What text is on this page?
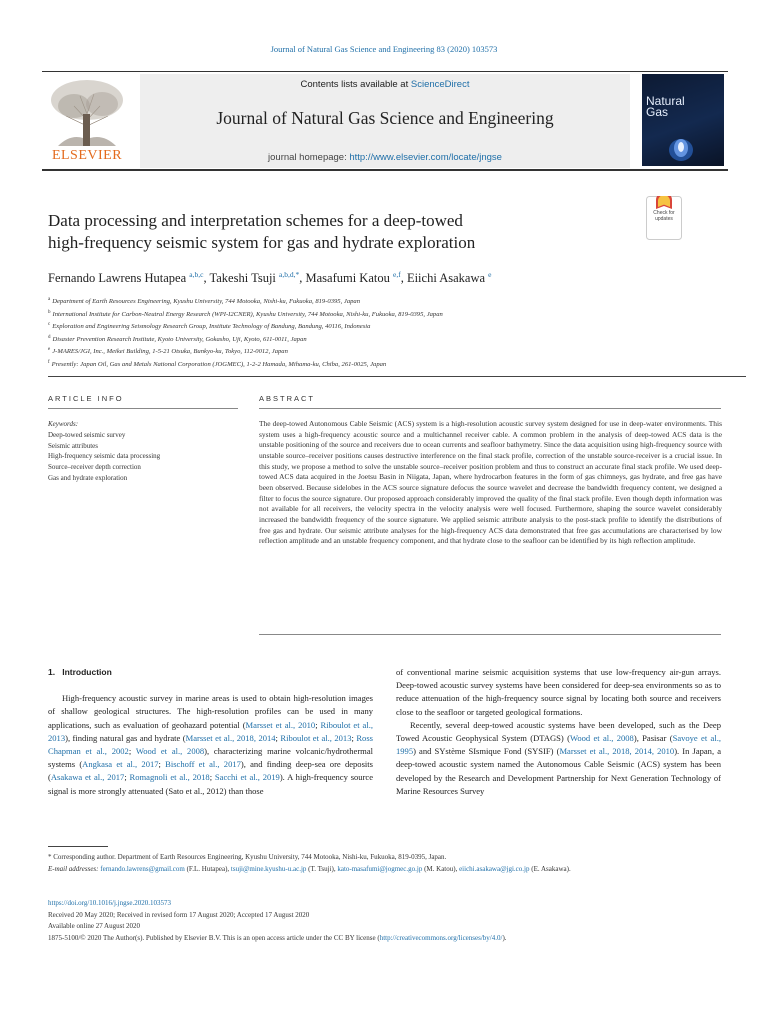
Journal of Natural Gas Science and Engineering 83 (2020) 103573
ELSEVIER
Contents lists available at ScienceDirect
Journal of Natural Gas Science and Engineering
journal homepage: http://www.elsevier.com/locate/jngse
Natural
Gas
Data processing and interpretation schemes for a deep-towed
high-frequency seismic system for gas and hydrate exploration
Check for updates
Fernando Lawrens Hutapea $^{a,b,c}$, Takeshi Tsuji $^{a,b,d,*}$, Masafumi Katou $^{e,f}$, Eiichi Asakawa $^e$
$^a$ Department of Earth Resources Engineering, Kyushu University, 744 Motooka, Nishi-ku, Fukuoka, 819-0395, Japan
$^b$ International Institute for Carbon-Neutral Energy Research (WPI-I2CNER), Kyushu University, 744 Motooka, Nishi-ku, Fukuoka, 819-0395, Japan
$^c$ Exploration and Engineering Seismology Research Group, Institute Technology of Bandung, Bandung, 40116, Indonesia
$^d$ Disaster Prevention Research Institute, Kyoto University, Gokasho, Uji, Kyoto, 611-0011, Japan
$^e$ J-MARES/JGI, Inc., Meikei Building, 1-5-21 Otsuka, Bunkyo-ku, Tokyo, 112-0012, Japan
$^f$ Presently: Japan Oil, Gas and Metals National Corporation (JOGMEC), 1-2-2 Hamada, Mihama-ku, Chiba, 261-0025, Japan
ARTICLE INFO	ABSTRACT
Keywords:
Deep-towed seismic survey
Seismic attributes
High-frequency seismic data processing
Source–receiver depth correction
Gas and hydrate exploration
The deep-towed Autonomous Cable Seismic (ACS) system is a high-resolution acoustic survey system designed for use in deep-water environments. This system uses a high-frequency acoustic source and a multichannel receiver cable. A common problem in the analysis of deep-towed ACS data is the unstable positioning of the source and receivers due to ocean currents and seafloor bathymetry. Since the data acquisition using high-frequency source with unstable source–receiver positions causes destructive interference on the final stack profile, correction of the unstable source-receiver is a crucial issue. In this study, we propose a method to solve the unstable source–receiver position problem and thus to construct an accurate final stack profile. We used deep-towed ACS data acquired in the Joetsu Basin in Niigata, Japan, where hydrocarbon features in the form of gas chimneys, gas hydrate, and free gas have been observed. Because sidelobes in the ACS source signature defocus the source wavelet and decrease the bandwidth frequency content, we designed a filter to focus the source signature. Our proposed approach considerably improved the quality of the final stack profile. Even though depth information was not available for all receivers, the velocity spectra in the velocity analysis were well focused. Furthermore, shaping the source wavelet considerably increased the bandwidth frequency of the source signature. We applied seismic attribute analysis to the post-stack profile to identify the distributions of free gas and hydrate. Our seismic attribute analyses for the high-frequency ACS data demonstrated that free gas accumulations are characterised by low reflection amplitude and an unstable frequency component, and that hydrate close to the seafloor can be identified by its high reflection amplitude.
1. Introduction

High-frequency acoustic survey in marine areas is used to obtain high-resolution images of shallow geological structures. The high-resolution profiles can be used in many applications, such as evaluation of geohazard potential (Marsset et al., 2010; Riboulot et al., 2013), finding natural gas and hydrate (Marsset et al., 2018, 2014; Riboulot et al., 2013; Ross Chapman et al., 2002; Wood et al., 2008), characterizing marine volcanic/hydrothermal systems (Angkasa et al., 2017; Bischoff et al., 2017), and finding deep-sea ore deposits (Asakawa et al., 2017; Romagnoli et al., 2018; Sacchi et al., 2019). A high-frequency source signal is more strongly attenuated (Sato et al., 2012) than those

of conventional marine seismic acquisition systems that use low-frequency air-gun arrays. Deep-towed acoustic survey systems have been considered for deep-sea environments so as to reduce attenuation of the high-frequency source signal by locating both source and receivers close to the seafloor or targeted geological formations.

Recently, several deep-towed acoustic systems have been developed, such as the Deep Towed Acoustic Geophysical System (DTAGS) (Wood et al., 2008), Pasisar (Savoye et al., 1995) and SYstème SIsmique Fond (SYSIF) (Marsset et al., 2018, 2014, 2010). In Japan, a deep-towed acoustic system named the Autonomous Cable Seismic (ACS) system has been developed by the Research and Development Partnership for Next Generation Technology of Marine Resources Survey

* Corresponding author. Department of Earth Resources Engineering, Kyushu University, 744 Motooka, Nishi-ku, Fukuoka, 819-0395, Japan.
E-mail addresses: fernando.lawrens@gmail.com (F.L. Hutapea), tsuji@mine.kyushu-u.ac.jp (T. Tsuji), kato-masafumi@jogmec.go.jp (M. Katou), eiichi.asakawa@jgi.co.jp (E. Asakawa).
https://doi.org/10.1016/j.jngse.2020.103573
Received 20 May 2020; Received in revised form 17 August 2020; Accepted 17 August 2020
Available online 27 August 2020
1875-5100/© 2020 The Author(s). Published by Elsevier B.V. This is an open access article under the CC BY license (http://creativecommons.org/licenses/by/4.0/).
